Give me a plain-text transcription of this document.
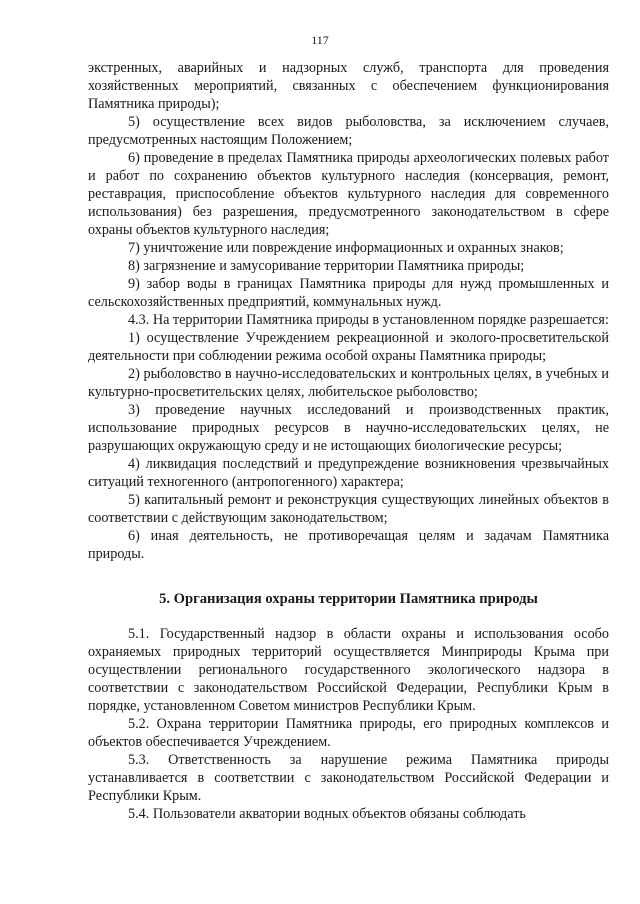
117

экстренных, аварийных и надзорных служб, транспорта для проведения хозяйственных мероприятий, связанных с обеспечением функционирования Памятника природы);

5) осуществление всех видов рыболовства, за исключением случаев, предусмотренных настоящим Положением;

6) проведение в пределах Памятника природы археологических полевых работ и работ по сохранению объектов культурного наследия (консервация, ремонт, реставрация, приспособление объектов культурного наследия для современного использования) без разрешения, предусмотренного законодательством в сфере охраны объектов культурного наследия;

7) уничтожение или повреждение информационных и охранных знаков;

8) загрязнение и замусоривание территории Памятника природы;

9) забор воды в границах Памятника природы для нужд промышленных и сельскохозяйственных предприятий, коммунальных нужд.

4.3. На территории Памятника природы в установленном порядке разрешается:

1) осуществление Учреждением рекреационной и эколого-просветительской деятельности при соблюдении режима особой охраны Памятника природы;

2) рыболовство в научно-исследовательских и контрольных целях, в учебных и культурно-просветительских целях, любительское рыболовство;

3) проведение научных исследований и производственных практик, использование природных ресурсов в научно-исследовательских целях, не разрушающих окружающую среду и не истощающих биологические ресурсы;

4) ликвидация последствий и предупреждение возникновения чрезвычайных ситуаций техногенного (антропогенного) характера;

5) капитальный ремонт и реконструкция существующих линейных объектов в соответствии с действующим законодательством;

6) иная деятельность, не противоречащая целям и задачам Памятника природы.

5. Организация охраны территории Памятника природы

5.1. Государственный надзор в области охраны и использования особо охраняемых природных территорий осуществляется Минприроды Крыма при осуществлении регионального государственного экологического надзора в соответствии с законодательством Российской Федерации, Республики Крым в порядке, установленном Советом министров Республики Крым.

5.2. Охрана территории Памятника природы, его природных комплексов и объектов обеспечивается Учреждением.

5.3. Ответственность за нарушение режима Памятника природы устанавливается в соответствии с законодательством Российской Федерации и Республики Крым.

5.4. Пользователи акватории водных объектов обязаны соблюдать
